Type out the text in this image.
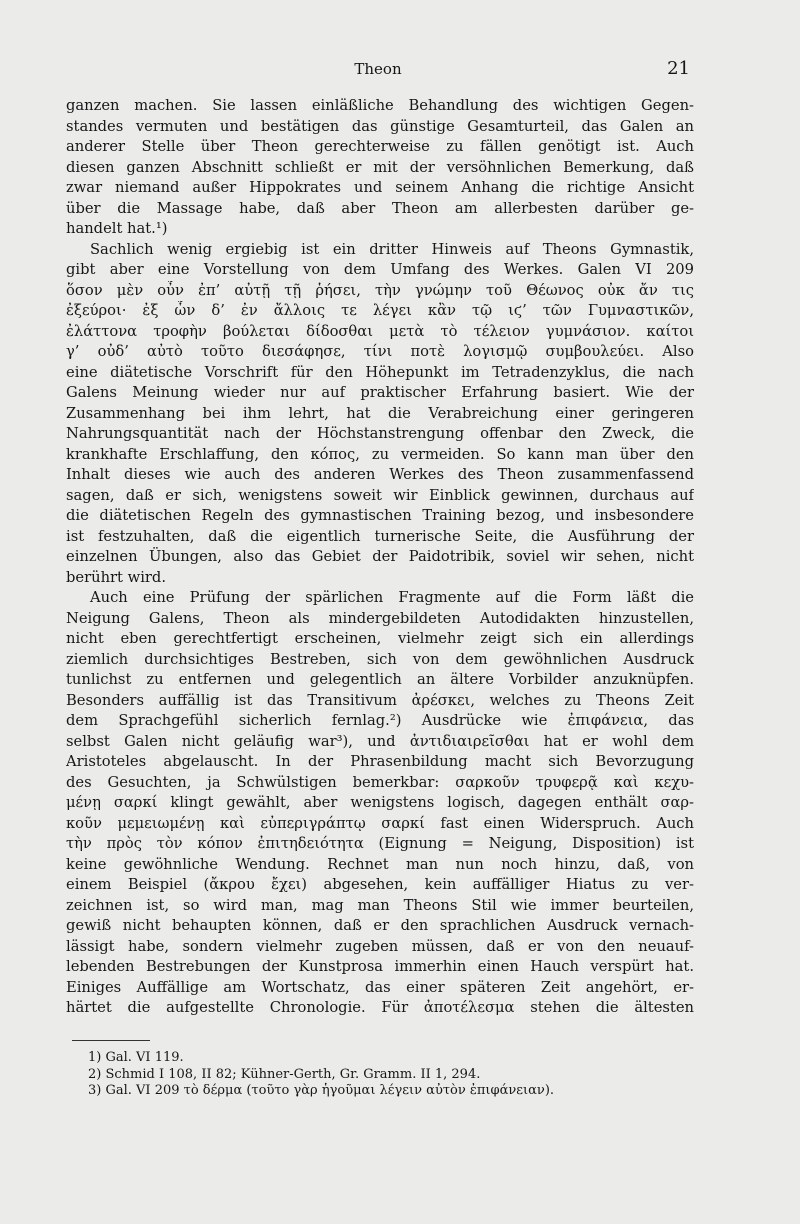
Theon	21
ganzen machen. Sie lassen einläßliche Behandlung des wichtigen Gegen-
standes vermuten und bestätigen das günstige Gesamturteil, das Galen an
anderer Stelle über Theon gerechterweise zu fällen genötigt ist. Auch
diesen ganzen Abschnitt schließt er mit der versöhnlichen Bemerkung, daß
zwar niemand außer Hippokrates und seinem Anhang die richtige Ansicht
über die Massage habe, daß aber Theon am allerbesten darüber ge-
handelt hat.¹)
Sachlich wenig ergiebig ist ein dritter Hinweis auf Theons Gymnastik,
gibt aber eine Vorstellung von dem Umfang des Werkes. Galen VI 209
ὅσον μὲν οὖν ἐπ’ αὐτῇ τῇ ῥήσει, τὴν γνώμην τοῦ Θέωνος οὐκ ἄν τις
ἐξεύροι· ἐξ ὧν δ’ ἐν ἄλλοις τε λέγει κἂν τῷ ιϛ’ τῶν Γυμναστικῶν,
ἐλάττονα τροφὴν βούλεται δίδοσθαι μετὰ τὸ τέλειον γυμνάσιον. καίτοι
γ’ οὐδ’ αὐτὸ τοῦτο διεσάφησε, τίνι ποτὲ λογισμῷ συμβουλεύει. Also
eine diätetische Vorschrift für den Höhepunkt im Tetradenzyklus, die nach
Galens Meinung wieder nur auf praktischer Erfahrung basiert. Wie der
Zusammenhang bei ihm lehrt, hat die Verabreichung einer geringeren
Nahrungsquantität nach der Höchstanstrengung offenbar den Zweck, die
krankhafte Erschlaffung, den κόπος, zu vermeiden. So kann man über den
Inhalt dieses wie auch des anderen Werkes des Theon zusammenfassend
sagen, daß er sich, wenigstens soweit wir Einblick gewinnen, durchaus auf
die diätetischen Regeln des gymnastischen Training bezog, und insbesondere
ist festzuhalten, daß die eigentlich turnerische Seite, die Ausführung der
einzelnen Übungen, also das Gebiet der Paidotribik, soviel wir sehen, nicht
berührt wird.
Auch eine Prüfung der spärlichen Fragmente auf die Form läßt die
Neigung Galens, Theon als mindergebildeten Autodidakten hinzustellen,
nicht eben gerechtfertigt erscheinen, vielmehr zeigt sich ein allerdings
ziemlich durchsichtiges Bestreben, sich von dem gewöhnlichen Ausdruck
tunlichst zu entfernen und gelegentlich an ältere Vorbilder anzuknüpfen.
Besonders auffällig ist das Transitivum ἀρέσκει, welches zu Theons Zeit
dem Sprachgefühl sicherlich fernlag.²) Ausdrücke wie ἐπιφάνεια, das
selbst Galen nicht geläufig war³), und ἀντιδιαιρεῖσθαι hat er wohl dem
Aristoteles abgelauscht. In der Phrasenbildung macht sich Bevorzugung
des Gesuchten, ja Schwülstigen bemerkbar: σαρκοῦν τρυφερᾷ καὶ κεχυ-
μένῃ σαρκί klingt gewählt, aber wenigstens logisch, dagegen enthält σαρ-
κοῦν μεμειωμένῃ καὶ εὐπεριγράπτῳ σαρκί fast einen Widerspruch. Auch
τὴν πρὸς τὸν κόπον ἐπιτηδειότητα (Eignung = Neigung, Disposition) ist
keine gewöhnliche Wendung. Rechnet man nun noch hinzu, daß, von
einem Beispiel (ἄκρου ἔχει) abgesehen, kein auffälliger Hiatus zu ver-
zeichnen ist, so wird man, mag man Theons Stil wie immer beurteilen,
gewiß nicht behaupten können, daß er den sprachlichen Ausdruck vernach-
lässigt habe, sondern vielmehr zugeben müssen, daß er von den neuauf-
lebenden Bestrebungen der Kunstprosa immerhin einen Hauch verspürt hat.
Einiges Auffällige am Wortschatz, das einer späteren Zeit angehört, er-
härtet die aufgestellte Chronologie. Für ἀποτέλεσμα stehen die ältesten
1) Gal. VI 119.
2) Schmid I 108, II 82; Kühner-Gerth, Gr. Gramm. II 1, 294.
3) Gal. VI 209 τὸ δέρμα (τοῦτο γὰρ ἡγοῦμαι λέγειν αὐτὸν ἐπιφάνειαν).
